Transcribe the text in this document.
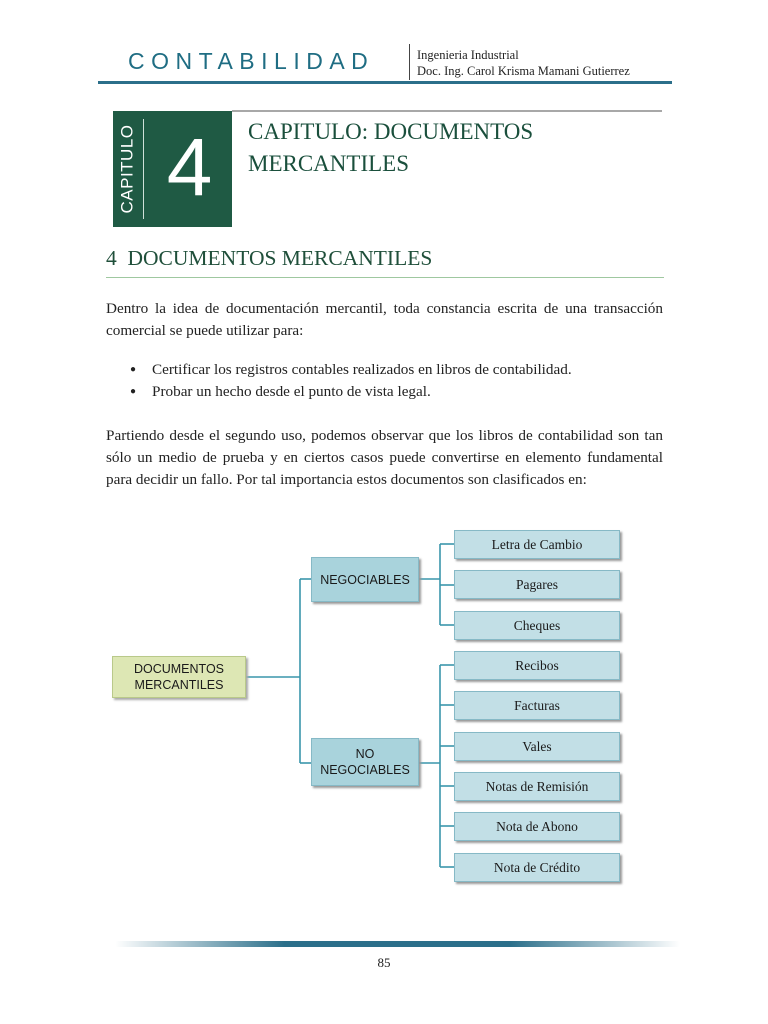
CONTABILIDAD	Ingenieria Industrial
Doc. Ing. Carol Krisma Mamani Gutierrez
CAPITULO 4	CAPITULO: DOCUMENTOS
MERCANTILES
4 DOCUMENTOS MERCANTILES
Dentro la idea de documentación mercantil, toda constancia escrita de una transacción comercial se puede utilizar para:
● Certificar los registros contables realizados en libros de contabilidad.
● Probar un hecho desde el punto de vista legal.
Partiendo desde el segundo uso, podemos observar que los libros de contabilidad son tan sólo un medio de prueba y en ciertos casos puede convertirse en elemento fundamental para decidir un fallo. Por tal importancia estos documentos son clasificados en:
DOCUMENTOS
MERCANTILES
NEGOCIABLES
NO
NEGOCIABLES
Letra de Cambio
Pagares
Cheques
Recibos
Facturas
Vales
Notas de Remisión
Nota de Abono
Nota de Crédito
85
